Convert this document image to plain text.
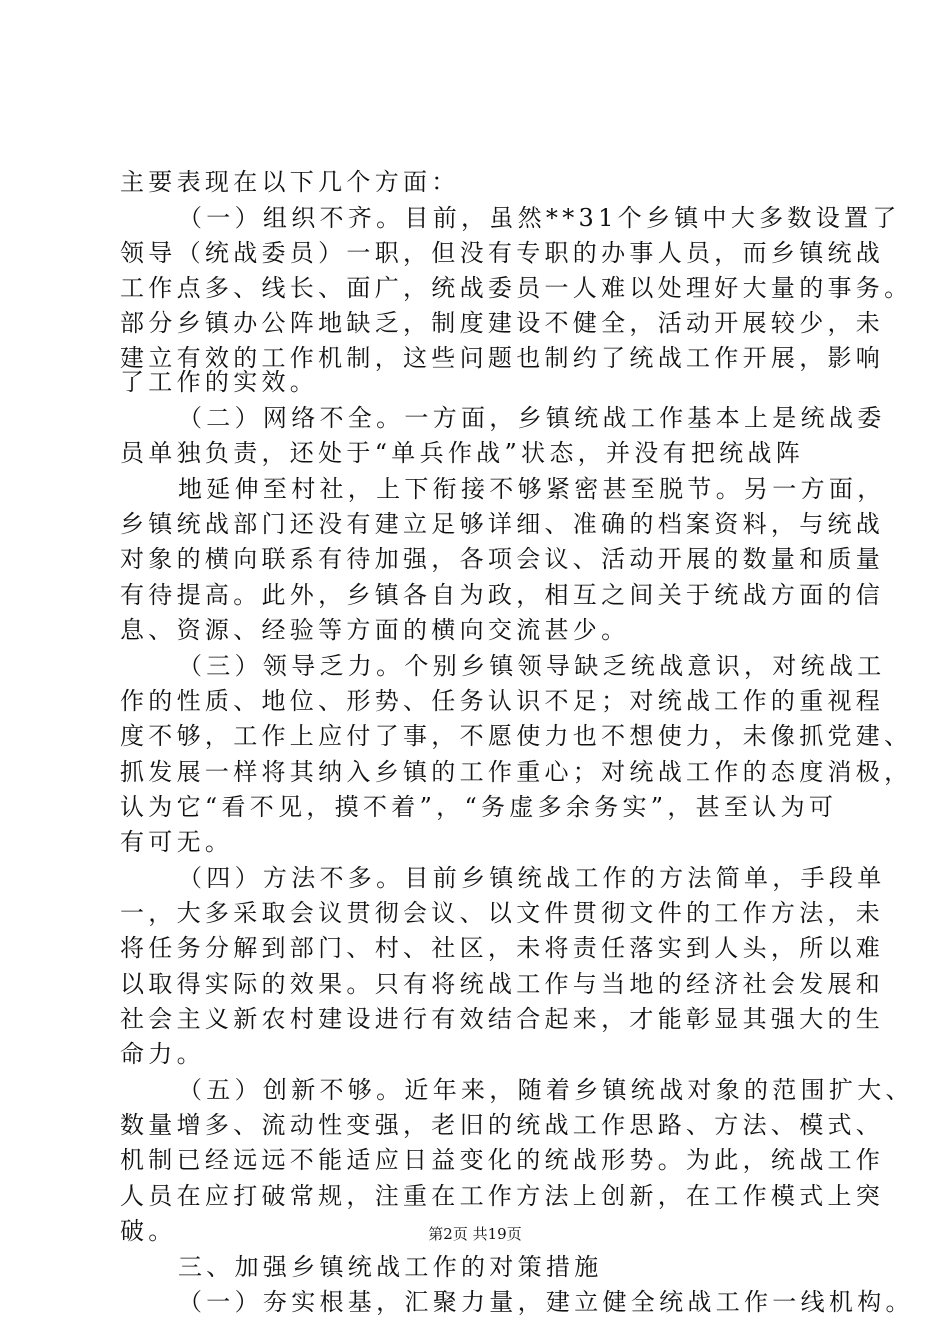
主要表现在以下几个方面：
（一）组织不齐。目前，虽然**31个乡镇中大多数设置了
领导（统战委员）一职，但没有专职的办事人员，而乡镇统战
工作点多、线长、面广，统战委员一人难以处理好大量的事务。
部分乡镇办公阵地缺乏，制度建设不健全，活动开展较少，未
建立有效的工作机制，这些问题也制约了统战工作开展，影响
了工作的实效。
（二）网络不全。一方面，乡镇统战工作基本上是统战委
员单独负责，还处于“单兵作战”状态，并没有把统战阵
地延伸至村社，上下衔接不够紧密甚至脱节。另一方面，
乡镇统战部门还没有建立足够详细、准确的档案资料，与统战
对象的横向联系有待加强，各项会议、活动开展的数量和质量
有待提高。此外，乡镇各自为政，相互之间关于统战方面的信
息、资源、经验等方面的横向交流甚少。
（三）领导乏力。个别乡镇领导缺乏统战意识，对统战工
作的性质、地位、形势、任务认识不足；对统战工作的重视程
度不够，工作上应付了事，不愿使力也不想使力，未像抓党建、
抓发展一样将其纳入乡镇的工作重心；对统战工作的态度消极，
认为它“看不见，摸不着”，“务虚多余务实”，甚至认为可
有可无。
（四）方法不多。目前乡镇统战工作的方法简单，手段单
一，大多采取会议贯彻会议、以文件贯彻文件的工作方法，未
将任务分解到部门、村、社区，未将责任落实到人头，所以难
以取得实际的效果。只有将统战工作与当地的经济社会发展和
社会主义新农村建设进行有效结合起来，才能彰显其强大的生
命力。
（五）创新不够。近年来，随着乡镇统战对象的范围扩大、
数量增多、流动性变强，老旧的统战工作思路、方法、模式、
机制已经远远不能适应日益变化的统战形势。为此，统战工作
人员在应打破常规，注重在工作方法上创新，在工作模式上突
破。
三、加强乡镇统战工作的对策措施
（一）夯实根基，汇聚力量，建立健全统战工作一线机构。
第2页 共19页
